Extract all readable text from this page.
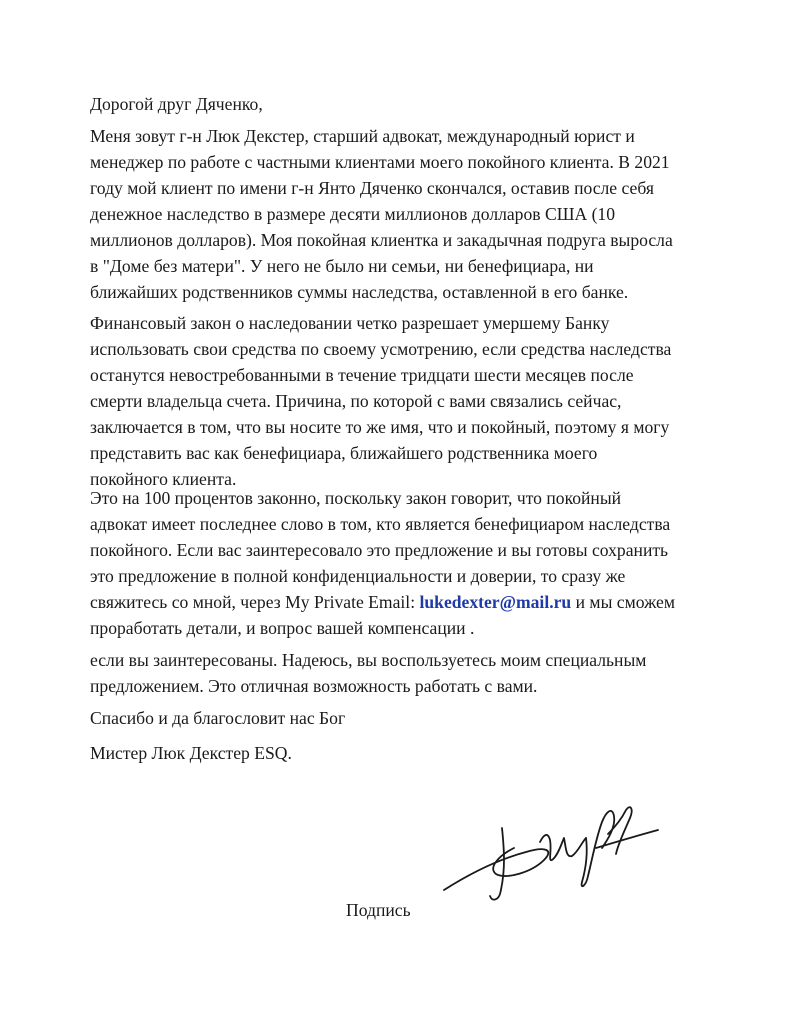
Дорогой друг Дяченко,
Меня зовут г-н Люк Декстер, старший адвокат, международный юрист и
менеджер по работе с частными клиентами моего покойного клиента. В 2021
году мой клиент по имени г-н Янто Дяченко скончался, оставив после себя
денежное наследство в размере десяти миллионов долларов США (10
миллионов долларов). Моя покойная клиентка и закадычная подруга выросла
в "Доме без матери". У него не было ни семьи, ни бенефициара, ни
ближайших родственников суммы наследства, оставленной в его банке.
Финансовый закон о наследовании четко разрешает умершему Банку
использовать свои средства по своему усмотрению, если средства наследства
останутся невостребованными в течение тридцати шести месяцев после
смерти владельца счета. Причина, по которой с вами связались сейчас,
заключается в том, что вы носите то же имя, что и покойный, поэтому я могу
представить вас как бенефициара, ближайшего родственника моего
покойного клиента.
Это на 100 процентов законно, поскольку закон говорит, что покойный
адвокат имеет последнее слово в том, кто является бенефициаром наследства
покойного. Если вас заинтересовало это предложение и вы готовы сохранить
это предложение в полной конфиденциальности и доверии, то сразу же
свяжитесь со мной, через My Private Email: lukedexter@mail.ru и мы сможем
проработать детали, и вопрос вашей компенсации .
если вы заинтересованы. Надеюсь, вы воспользуетесь моим специальным
предложением. Это отличная возможность работать с вами.
Спасибо и да благословит нас Бог
Мистер Люк Декстер ESQ.
Подпись
